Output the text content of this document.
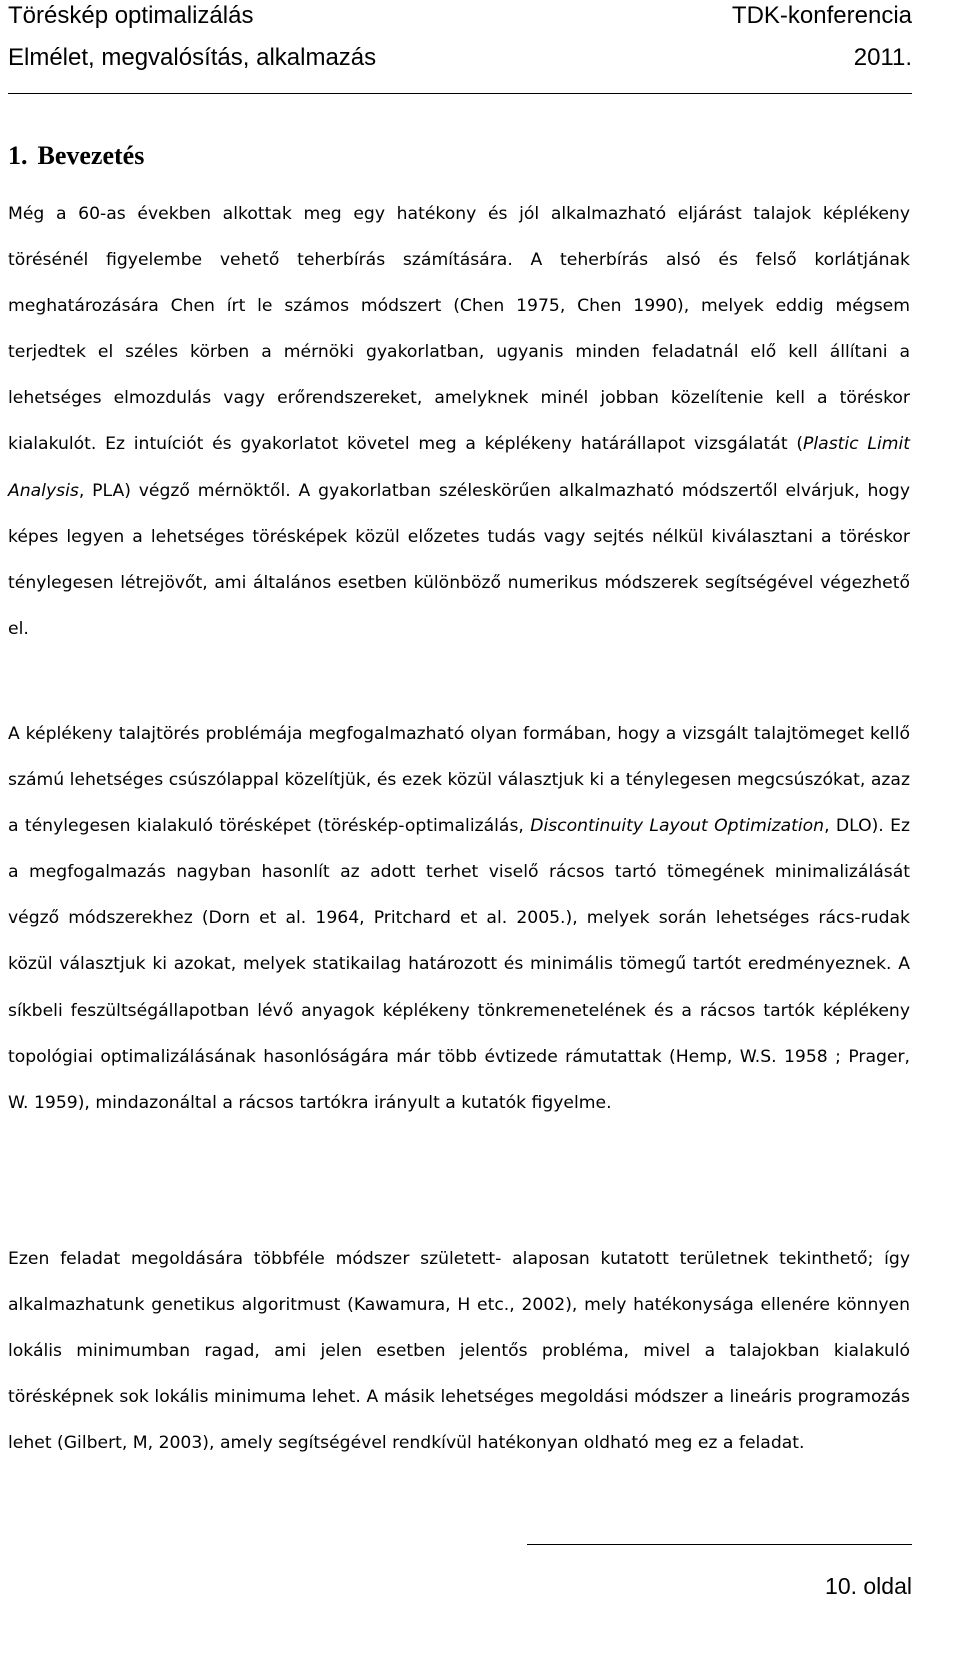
Töréskép optimalizálás	TDK-konferencia
Elmélet, megvalósítás, alkalmazás	2011.
1. Bevezetés

Még a 60-as években alkottak meg egy hatékony és jól alkalmazható eljárást talajok képlékeny törésénél figyelembe vehető teherbírás számítására. A teherbírás alsó és felső korlátjának meghatározására Chen írt le számos módszert (Chen 1975, Chen 1990), melyek eddig mégsem terjedtek el széles körben a mérnöki gyakorlatban, ugyanis minden feladatnál elő kell állítani a lehetséges elmozdulás vagy erőrendszereket, amelyknek minél jobban közelítenie kell a töréskor kialakulót. Ez intuíciót és gyakorlatot követel meg a képlékeny határállapot vizsgálatát (Plastic Limit Analysis, PLA) végző mérnöktől. A gyakorlatban széleskörűen alkalmazható módszertől elvárjuk, hogy képes legyen a lehetséges törésképek közül előzetes tudás vagy sejtés nélkül kiválasztani a töréskor ténylegesen létrejövőt, ami általános esetben különböző numerikus módszerek segítségével végezhető el.

A képlékeny talajtörés problémája megfogalmazható olyan formában, hogy a vizsgált talajtömeget kellő számú lehetséges csúszólappal közelítjük, és ezek közül választjuk ki a ténylegesen megcsúszókat, azaz a ténylegesen kialakuló törésképet (töréskép-optimalizálás, Discontinuity Layout Optimization, DLO). Ez a megfogalmazás nagyban hasonlít az adott terhet viselő rácsos tartó tömegének minimalizálását végző módszerekhez (Dorn et al. 1964, Pritchard et al. 2005.), melyek során lehetséges rács-rudak közül választjuk ki azokat, melyek statikailag határozott és minimális tömegű tartót eredményeznek. A síkbeli feszültségállapotban lévő anyagok képlékeny tönkremenetelének és a rácsos tartók képlékeny topológiai optimalizálásának hasonlóságára már több évtizede rámutattak (Hemp, W.S. 1958 ; Prager, W. 1959), mindazonáltal a rácsos tartókra irányult a kutatók figyelme.

Ezen feladat megoldására többféle módszer született- alaposan kutatott területnek tekinthető; így alkalmazhatunk genetikus algoritmust (Kawamura, H etc., 2002), mely hatékonysága ellenére könnyen lokális minimumban ragad, ami jelen esetben jelentős probléma, mivel a talajokban kialakuló törésképnek sok lokális minimuma lehet. A másik lehetséges megoldási módszer a lineáris programozás lehet (Gilbert, M, 2003), amely segítségével rendkívül hatékonyan oldható meg ez a feladat.

10. oldal
